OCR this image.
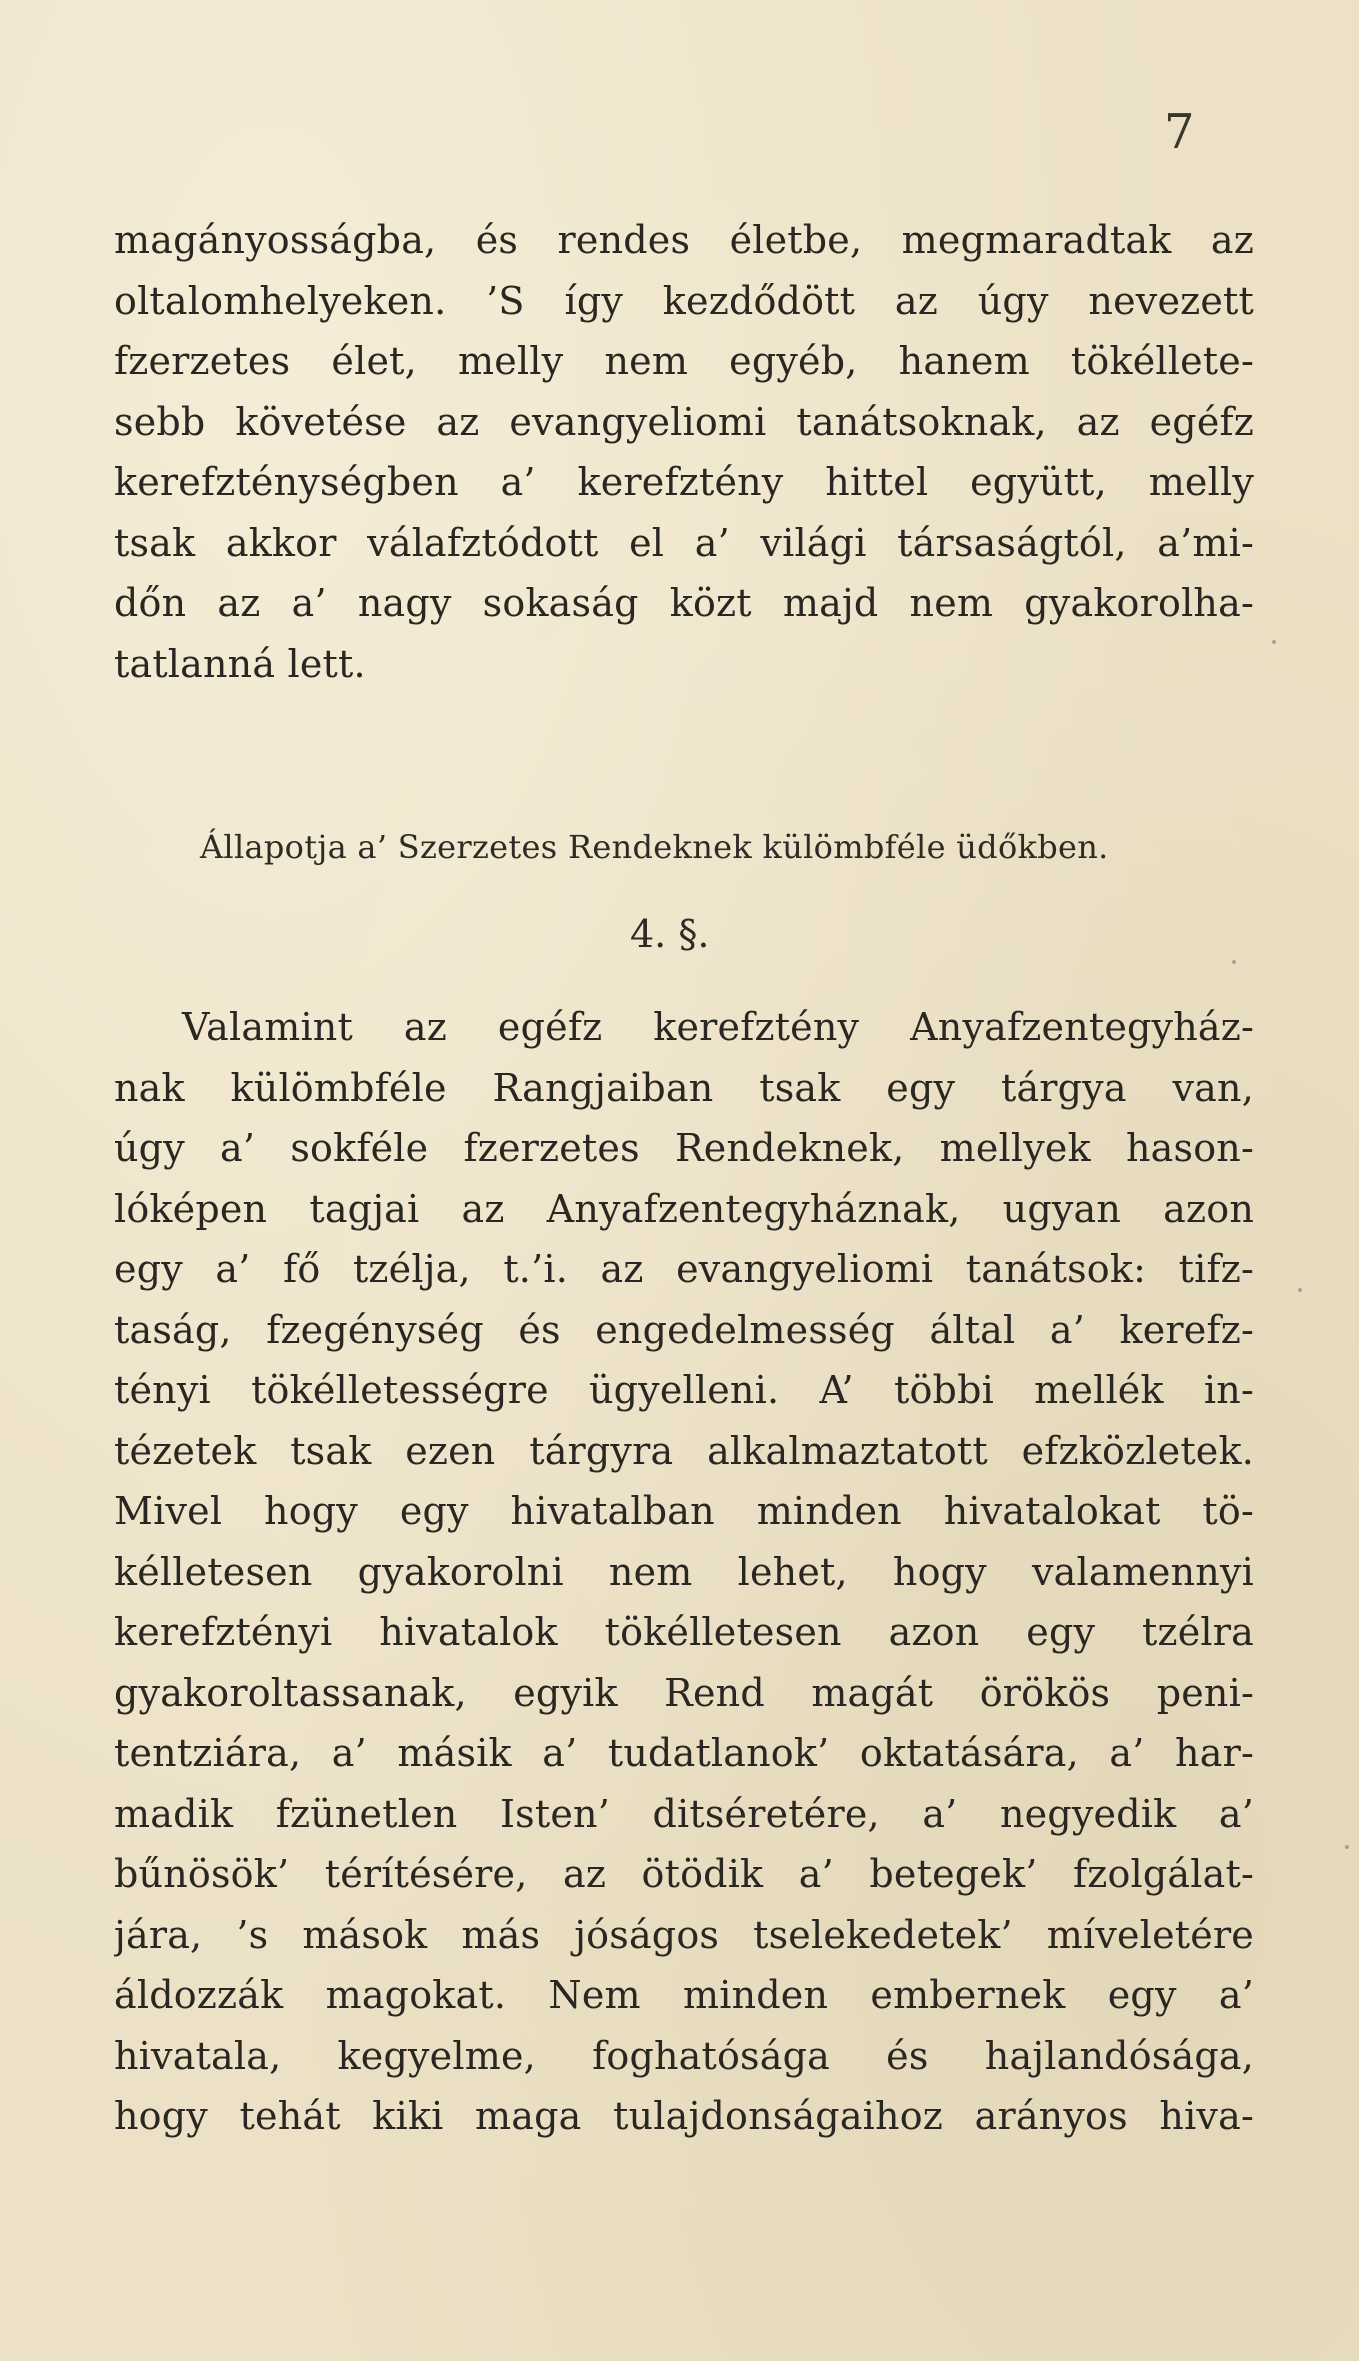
7
magányosságba, és rendes életbe, megmaradtak az
oltalomhelyeken. ’S így kezdődött az úgy nevezett
fzerzetes élet, melly nem egyéb, hanem tökéllete-
sebb követése az evangyeliomi tanátsoknak, az egéfz
kerefzténységben a’ kerefztény hittel együtt, melly
tsak akkor válafztódott el a’ világi társaságtól, a’mi-
dőn az a’ nagy sokaság közt majd nem gyakorolha-
tatlanná lett.
Állapotja a’ Szerzetes Rendeknek külömbféle üdőkben.
4. §.
Valamint az egéfz kerefztény Anyafzentegyház-
nak külömbféle Rangjaiban tsak egy tárgya van,
úgy a’ sokféle fzerzetes Rendeknek, mellyek hason-
lóképen tagjai az Anyafzentegyháznak, ugyan azon
egy a’ fő tzélja, t.’i. az evangyeliomi tanátsok: tifz-
taság, fzegénység és engedelmesség által a’ kerefz-
tényi tökélletességre ügyelleni. A’ többi mellék in-
tézetek tsak ezen tárgyra alkalmaztatott efzközletek.
Mivel hogy egy hivatalban minden hivatalokat tö-
kélletesen gyakorolni nem lehet, hogy valamennyi
kerefztényi hivatalok tökélletesen azon egy tzélra
gyakoroltassanak, egyik Rend magát örökös peni-
tentziára, a’ másik a’ tudatlanok’ oktatására, a’ har-
madik fzünetlen Isten’ ditséretére, a’ negyedik a’
bűnösök’ térítésére, az ötödik a’ betegek’ fzolgálat-
jára, ’s mások más jóságos tselekedetek’ míveletére
áldozzák magokat. Nem minden embernek egy a’
hivatala, kegyelme, foghatósága és hajlandósága,
hogy tehát kiki maga tulajdonságaihoz arányos hiva-
